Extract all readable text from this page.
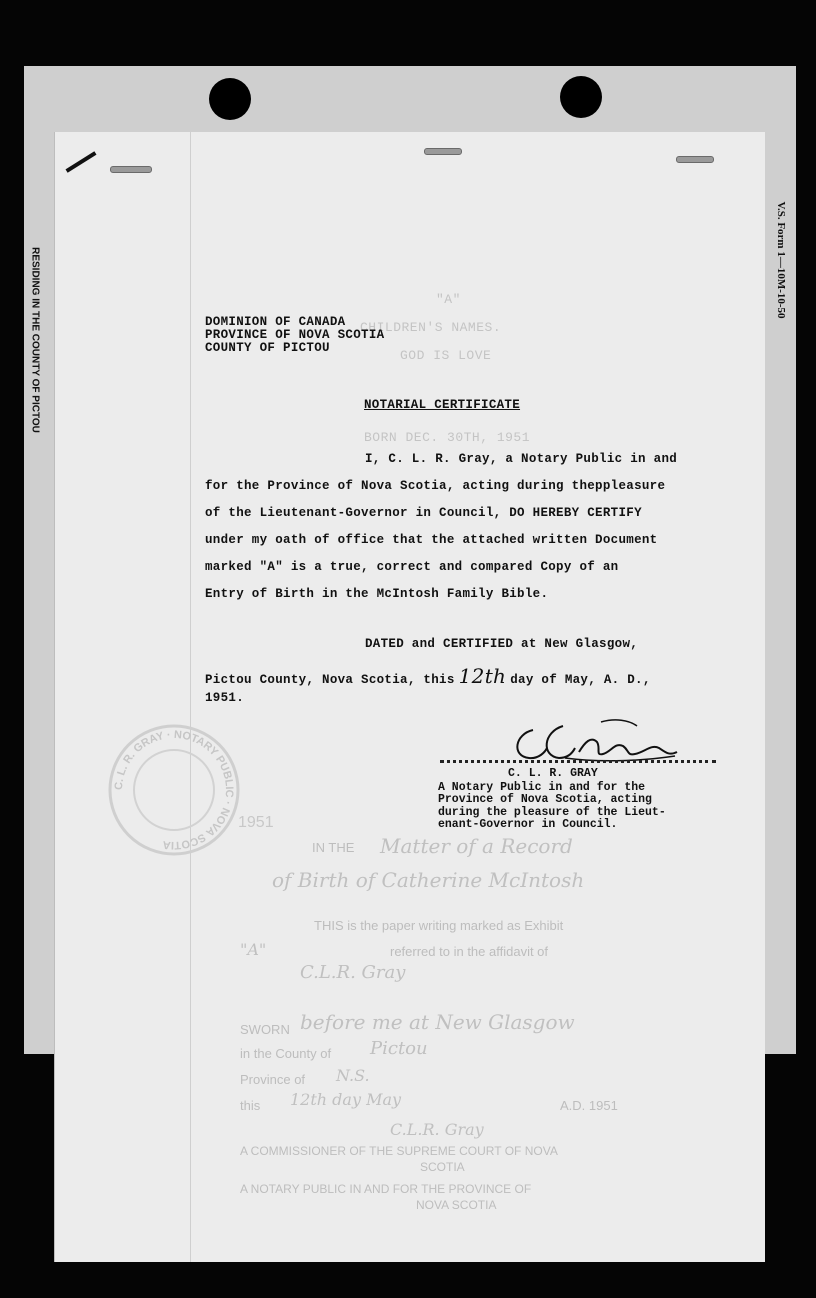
RESIDING IN THE COUNTY OF PICTOU	V.S. Form 1—10M-10-50
"A"
CHILDREN'S NAMES.
GOD IS LOVE
BORN DEC. 30TH, 1951
DOMINION OF CANADA
PROVINCE OF NOVA SCOTIA
COUNTY OF PICTOU
NOTARIAL CERTIFICATE
I, C. L. R. Gray, a Notary Public in and
for the Province of Nova Scotia, acting during theppleasure
of the Lieutenant-Governor in Council, DO HEREBY CERTIFY
under my oath of office that the attached written Document
marked "A" is a true, correct and compared Copy of an
Entry of Birth in the McIntosh Family Bible.
DATED and CERTIFIED at New Glasgow,
Pictou County, Nova Scotia, this 12th day of May, A. D.,
1951.
C. L. R. GRAY
A Notary Public in and for the
Province of Nova Scotia, acting
during the pleasure of the Lieut-
enant-Governor in Council.
C. L. R. GRAY · NOTARY PUBLIC · NOVA SCOTIA
1951
IN THE Matter of a Record
of Birth of Catherine McIntosh
THIS is the paper writing marked as Exhibit
"A"	referred to in the affidavit of
C.L.R. Gray
SWORN before me at New Glasgow
in the County of Pictou
Province of N.S.
this 12th day May	A.D. 1951
C.L.R. Gray
A COMMISSIONER OF THE SUPREME COURT OF NOVA
SCOTIA
A NOTARY PUBLIC IN AND FOR THE PROVINCE OF
NOVA SCOTIA
